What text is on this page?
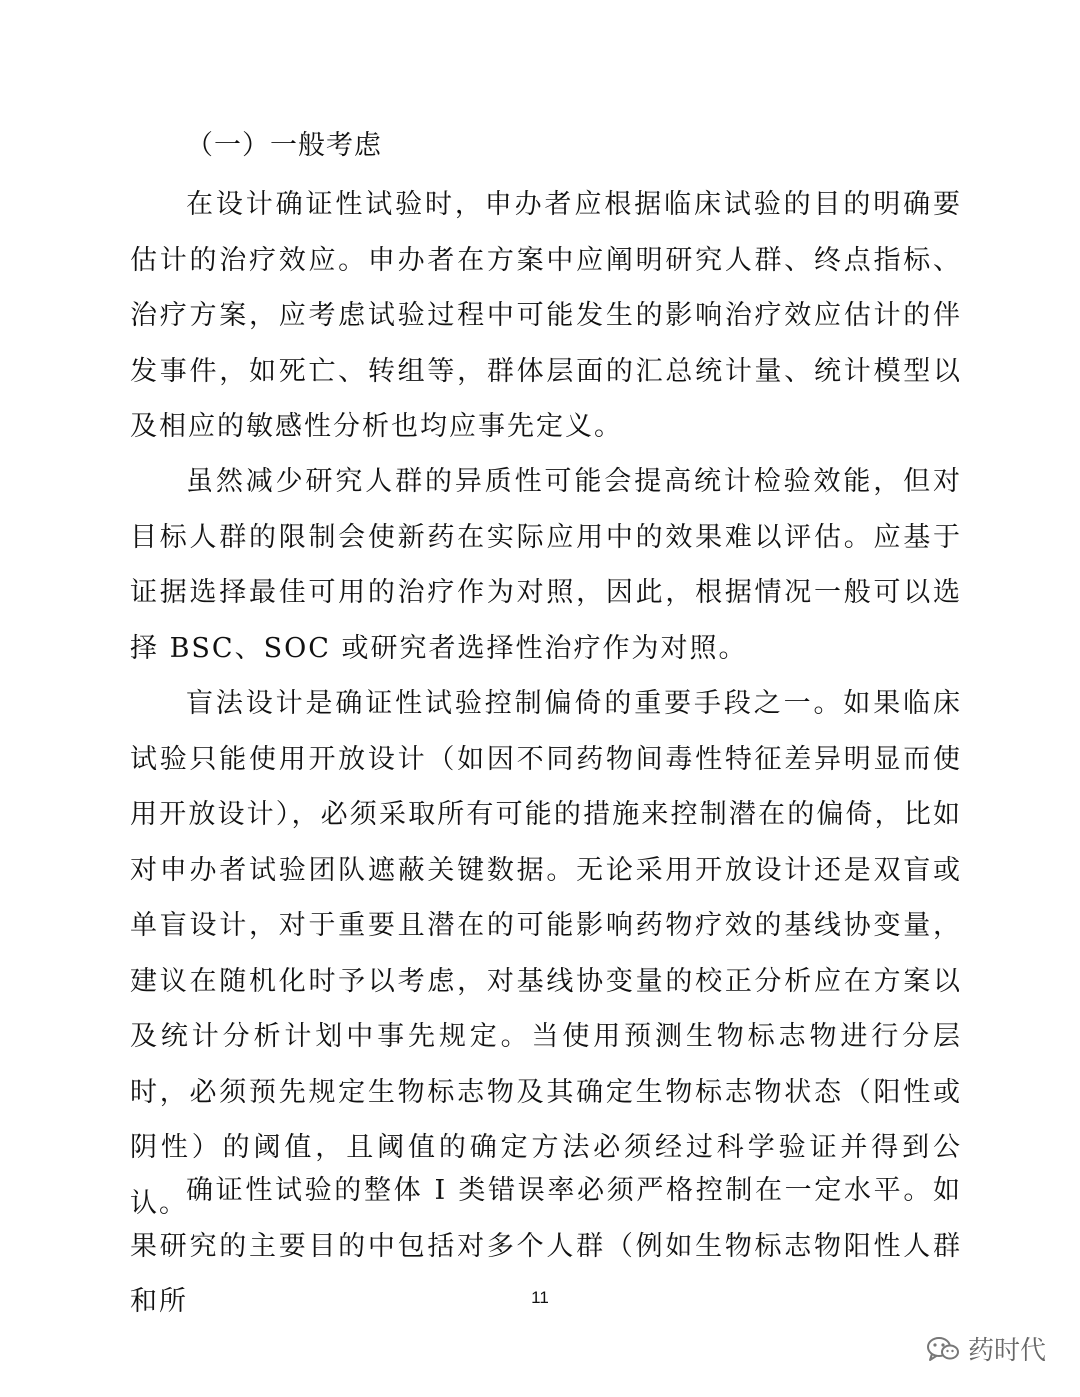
（一）一般考虑

在设计确证性试验时，申办者应根据临床试验的目的明确要估计的治疗效应。申办者在方案中应阐明研究人群、终点指标、治疗方案，应考虑试验过程中可能发生的影响治疗效应估计的伴发事件，如死亡、转组等，群体层面的汇总统计量、统计模型以及相应的敏感性分析也均应事先定义。

虽然减少研究人群的异质性可能会提高统计检验效能，但对目标人群的限制会使新药在实际应用中的效果难以评估。应基于证据选择最佳可用的治疗作为对照，因此，根据情况一般可以选择 BSC、SOC 或研究者选择性治疗作为对照。

盲法设计是确证性试验控制偏倚的重要手段之一。如果临床试验只能使用开放设计（如因不同药物间毒性特征差异明显而使用开放设计），必须采取所有可能的措施来控制潜在的偏倚，比如对申办者试验团队遮蔽关键数据。无论采用开放设计还是双盲或单盲设计，对于重要且潜在的可能影响药物疗效的基线协变量，建议在随机化时予以考虑，对基线协变量的校正分析应在方案以及统计分析计划中事先规定。当使用预测生物标志物进行分层时，必须预先规定生物标志物及其确定生物标志物状态（阳性或阴性）的阈值，且阈值的确定方法必须经过科学验证并得到公认。

确证性试验的整体 I 类错误率必须严格控制在一定水平。如果研究的主要目的中包括对多个人群（例如生物标志物阳性人群和所	11
药时代
